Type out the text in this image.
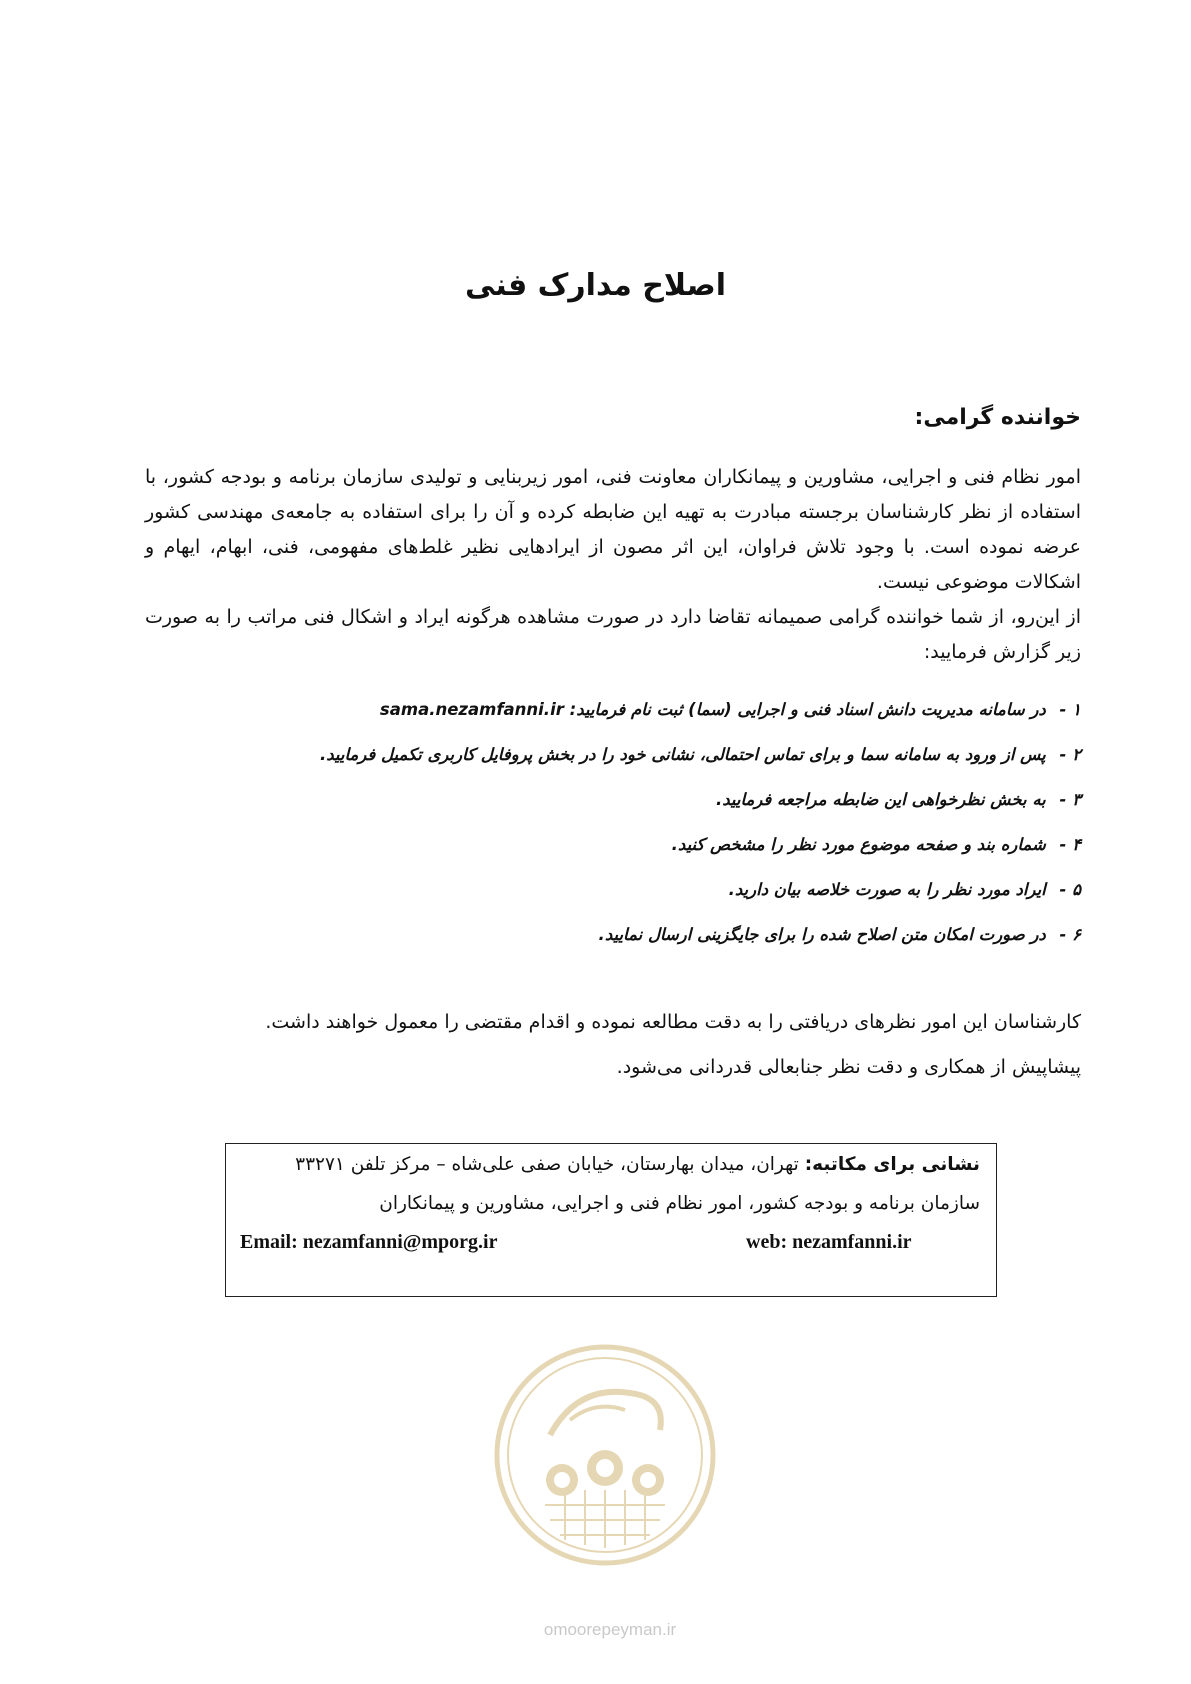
اصلاح مدارک فنی
خواننده گرامی:

امور نظام فنی و اجرایی، مشاورین و پیمانکاران معاونت فنی، امور زیربنایی و تولیدی سازمان برنامه و بودجه کشور، با استفاده از نظر کارشناسان برجسته مبادرت به تهیه این ضابطه کرده و آن را برای استفاده به جامعه‌ی مهندسی کشور عرضه نموده است. با وجود تلاش فراوان، این اثر مصون از ایرادهایی نظیر غلط‌های مفهومی، فنی، ابهام، ایهام و اشکالات موضوعی نیست.

از این‌رو، از شما خواننده گرامی صمیمانه تقاضا دارد در صورت مشاهده هرگونه ایراد و اشکال فنی مراتب را به صورت زیر گزارش فرمایید:

۱ - در سامانه مدیریت دانش اسناد فنی و اجرایی (سما) ثبت نام فرمایید: sama.nezamfanni.ir
۲ - پس از ورود به سامانه سما و برای تماس احتمالی، نشانی خود را در بخش پروفایل کاربری تکمیل فرمایید.
۳ - به بخش نظرخواهی این ضابطه مراجعه فرمایید.
۴ - شماره بند و صفحه موضوع مورد نظر را مشخص کنید.
۵ - ایراد مورد نظر را به صورت خلاصه بیان دارید.
۶ - در صورت امکان متن اصلاح شده را برای جایگزینی ارسال نمایید.

کارشناسان این امور نظرهای دریافتی را به دقت مطالعه نموده و اقدام مقتضی را معمول خواهند داشت.

پیشاپیش از همکاری و دقت نظر جنابعالی قدردانی می‌شود.

نشانی برای مکاتبه: تهران، میدان بهارستان، خیابان صفی علی‌شاه – مرکز تلفن ۳۳۲۷۱
سازمان برنامه و بودجه کشور، امور نظام فنی و اجرایی، مشاورین و پیمانکاران
Email: nezamfanni@mporg.ir	web: nezamfanni.ir
omoorepeyman.ir
